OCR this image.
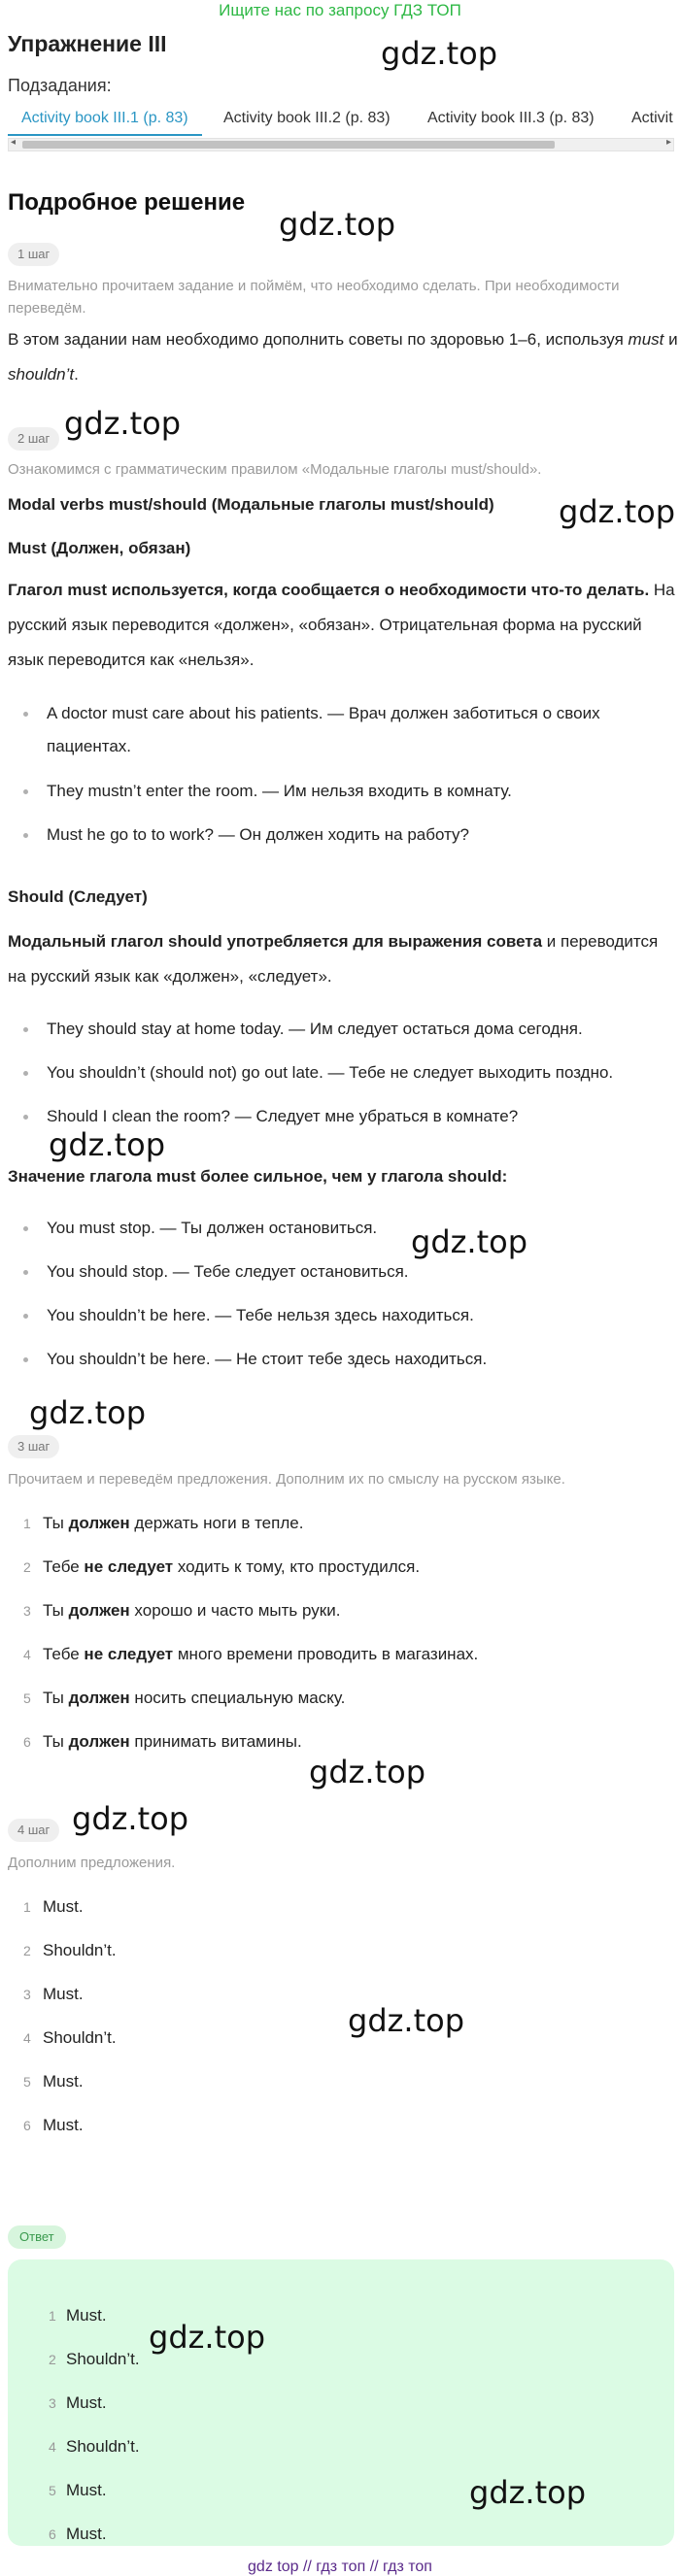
Ищите нас по запросу ГДЗ ТОП
Упражнение III	gdz.top
Подзадания:
Activity book III.1 (p. 83)	Activity book III.2 (p. 83) Activity book III.3 (p. 83) Activit
◂	▸
Подробное решение
gdz.top
1 шаг
Внимательно прочитаем задание и поймём, что необходимо сделать. При необходимости переведём.
В этом задании нам необходимо дополнить советы по здоровью 1–6, используя must и shouldn’t.
gdz.top
2 шаг
Ознакомимся с грамматическим правилом «Модальные глаголы must/should».
Modal verbs must/should (Модальные глаголы must/should) gdz.top
Must (Должен, обязан)
Глагол must используется, когда сообщается о необходимости что-то делать. На русский язык переводится «должен», «обязан». Отрицательная форма на русский язык переводится как «нельзя».
A doctor must care about his patients. — Врач должен заботиться о своих пациентах.
They mustn’t enter the room. — Им нельзя входить в комнату.
Must he go to to work? — Он должен ходить на работу?
Should (Следует)
Модальный глагол should употребляется для выражения совета и переводится на русский язык как «должен», «следует».
They should stay at home today. — Им следует остаться дома сегодня.
You shouldn’t (should not) go out late. — Тебе не следует выходить поздно.
Should I clean the room? — Следует мне убраться в комнате?
gdz.top
Значение глагола must более сильное, чем у глагола should:
You must stop. — Ты должен остановиться.	gdz.top
You should stop. — Тебе следует остановиться.
You shouldn’t be here. — Тебе нельзя здесь находиться.
You shouldn’t be here. — Не стоит тебе здесь находиться.
gdz.top
3 шаг
Прочитаем и переведём предложения. Дополним их по смыслу на русском языке.
1 Ты должен держать ноги в тепле.
2 Тебе не следует ходить к тому, кто простудился.
3 Ты должен хорошо и часто мыть руки.
4 Тебе не следует много времени проводить в магазинах.
5 Ты должен носить специальную маску.
6 Ты должен принимать витамины.
gdz.top
4 шаг gdz.top
Дополним предложения.
1 Must.
2 Shouldn’t.
3 Must.
gdz.top
4 Shouldn’t.
5 Must.
6 Must.
Ответ
1 Must.
2 Shouldn’t.
gdz.top
3 Must.
4 Shouldn’t.
5 Must.	gdz.top
6 Must.
gdz top // гдз топ // гдз топ
